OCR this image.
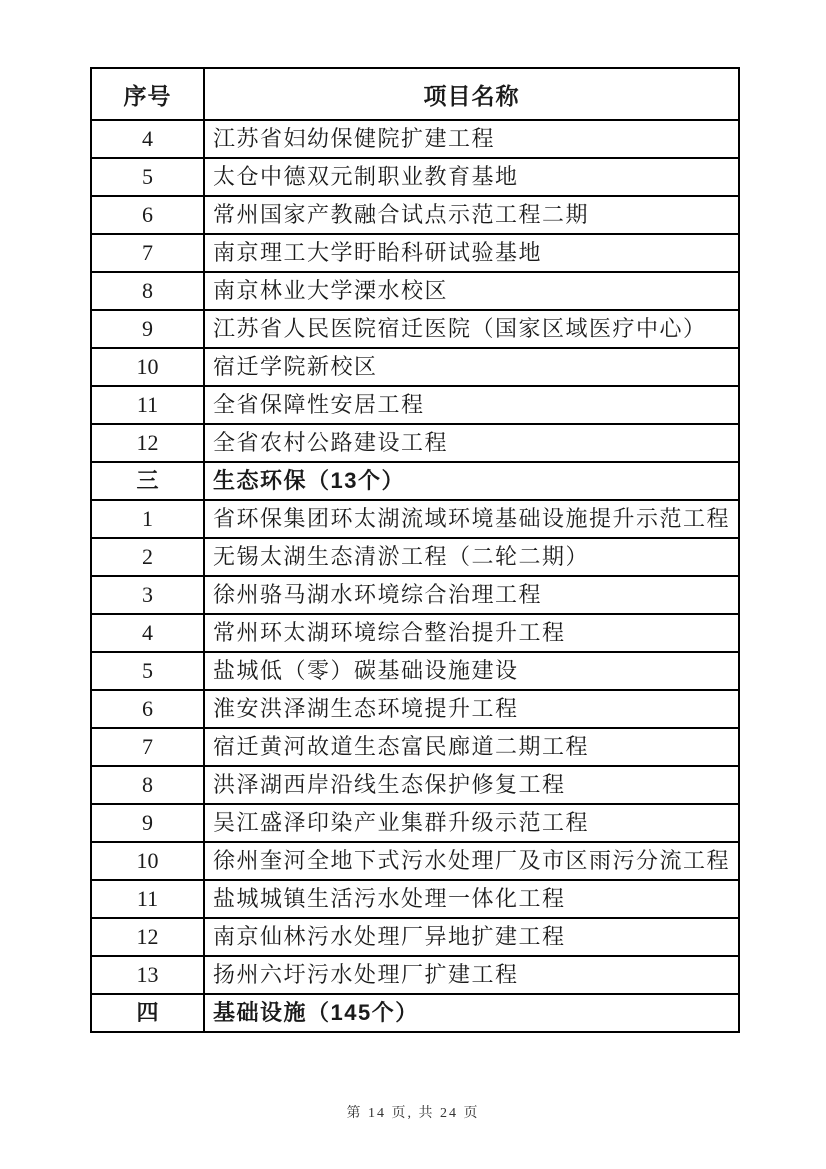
序号	项目名称
4	江苏省妇幼保健院扩建工程
5	太仓中德双元制职业教育基地
6	常州国家产教融合试点示范工程二期
7	南京理工大学盱眙科研试验基地
8	南京林业大学溧水校区
9	江苏省人民医院宿迁医院（国家区域医疗中心）
10	宿迁学院新校区
11	全省保障性安居工程
12	全省农村公路建设工程
三	生态环保（13个）
1	省环保集团环太湖流域环境基础设施提升示范工程
2	无锡太湖生态清淤工程（二轮二期）
3	徐州骆马湖水环境综合治理工程
4	常州环太湖环境综合整治提升工程
5	盐城低（零）碳基础设施建设
6	淮安洪泽湖生态环境提升工程
7	宿迁黄河故道生态富民廊道二期工程
8	洪泽湖西岸沿线生态保护修复工程
9	吴江盛泽印染产业集群升级示范工程
10	徐州奎河全地下式污水处理厂及市区雨污分流工程
11	盐城城镇生活污水处理一体化工程
12	南京仙林污水处理厂异地扩建工程
13	扬州六圩污水处理厂扩建工程
四	基础设施（145个）
第 14 页, 共 24 页
